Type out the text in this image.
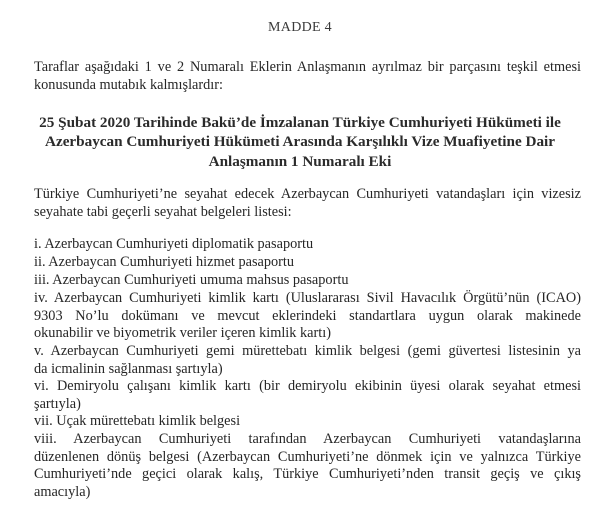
MADDE 4
Taraflar aşağıdaki 1 ve 2 Numaralı Eklerin Anlaşmanın ayrılmaz bir parçasını teşkil etmesi
konusunda mutabık kalmışlardır:
25 Şubat 2020 Tarihinde Bakü’de İmzalanan Türkiye Cumhuriyeti Hükümeti ile
Azerbaycan Cumhuriyeti Hükümeti Arasında Karşılıklı Vize Muafiyetine Dair
Anlaşmanın 1 Numaralı Eki
Türkiye Cumhuriyeti’ne seyahat edecek Azerbaycan Cumhuriyeti vatandaşları için vizesiz
seyahate tabi geçerli seyahat belgeleri listesi:
i. Azerbaycan Cumhuriyeti diplomatik pasaportu
ii. Azerbaycan Cumhuriyeti hizmet pasaportu
iii. Azerbaycan Cumhuriyeti umuma mahsus pasaportu
iv. Azerbaycan Cumhuriyeti kimlik kartı (Uluslararası Sivil Havacılık Örgütü’nün (ICAO)
9303 No’lu dokümanı ve mevcut eklerindeki standartlara uygun olarak makinede
okunabilir ve biyometrik veriler içeren kimlik kartı)
v. Azerbaycan Cumhuriyeti gemi mürettebatı kimlik belgesi (gemi güvertesi listesinin ya
da icmalinin sağlanması şartıyla)
vi. Demiryolu çalışanı kimlik kartı (bir demiryolu ekibinin üyesi olarak seyahat etmesi
şartıyla)
vii. Uçak mürettebatı kimlik belgesi
viii. Azerbaycan Cumhuriyeti tarafından Azerbaycan Cumhuriyeti vatandaşlarına
düzenlenen dönüş belgesi (Azerbaycan Cumhuriyeti’ne dönmek için ve yalnızca Türkiye
Cumhuriyeti’nde geçici olarak kalış, Türkiye Cumhuriyeti’nden transit geçiş ve çıkış
amacıyla)
